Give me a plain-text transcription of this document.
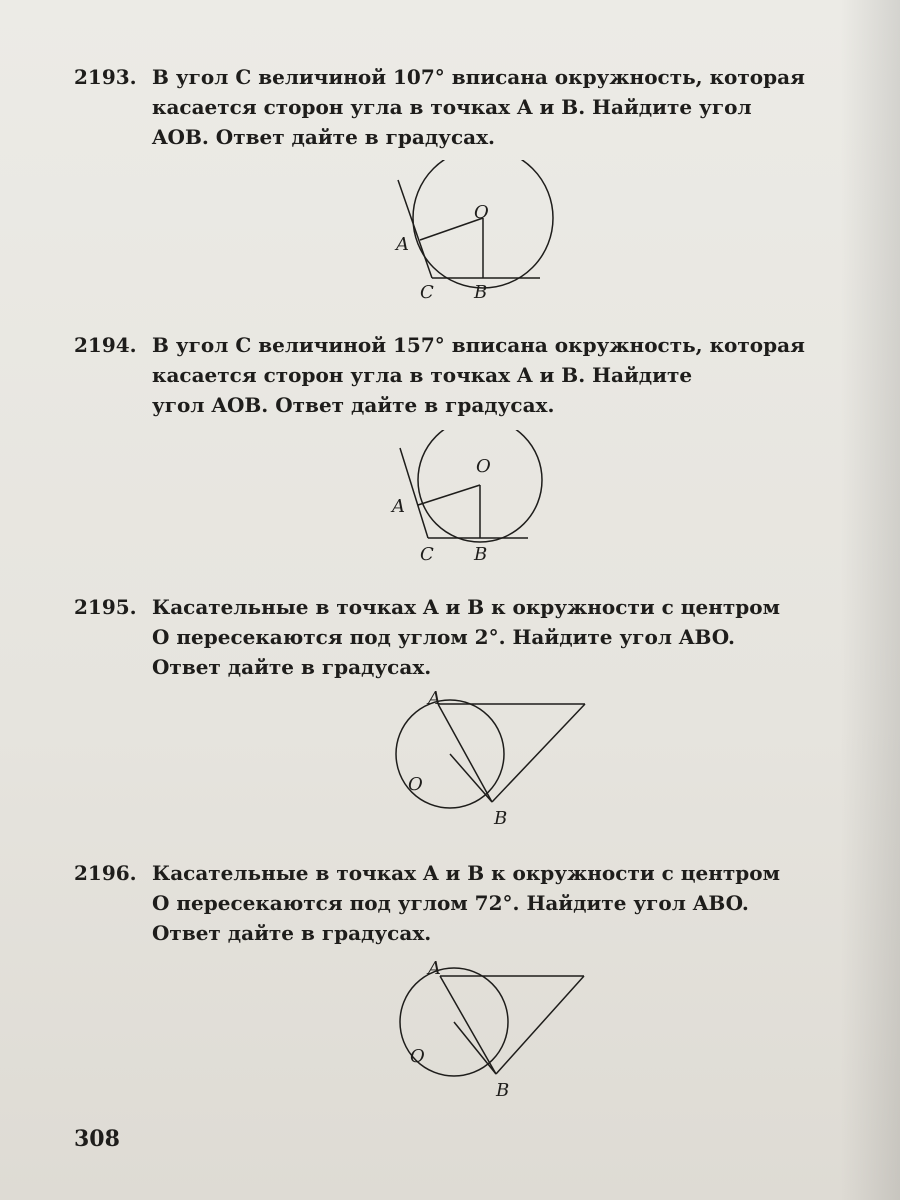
2193. В угол C величиной 107° вписана окружность, которая
касается сторон угла в точках A и B. Найдите угол
AOB. Ответ дайте в градусах.
O
A
C B
2194. В угол C величиной 157° вписана окружность, которая
касается сторон угла в точках A и B. Найдите
угол AOB. Ответ дайте в градусах.
O
A
C B
2195. Касательные в точках A и B к окружности с центром
O пересекаются под углом 2°. Найдите угол ABO.
Ответ дайте в градусах.
A
O
B
2196. Касательные в точках A и B к окружности с центром
O пересекаются под углом 72°. Найдите угол ABO.
Ответ дайте в градусах.
A
O
B
308
